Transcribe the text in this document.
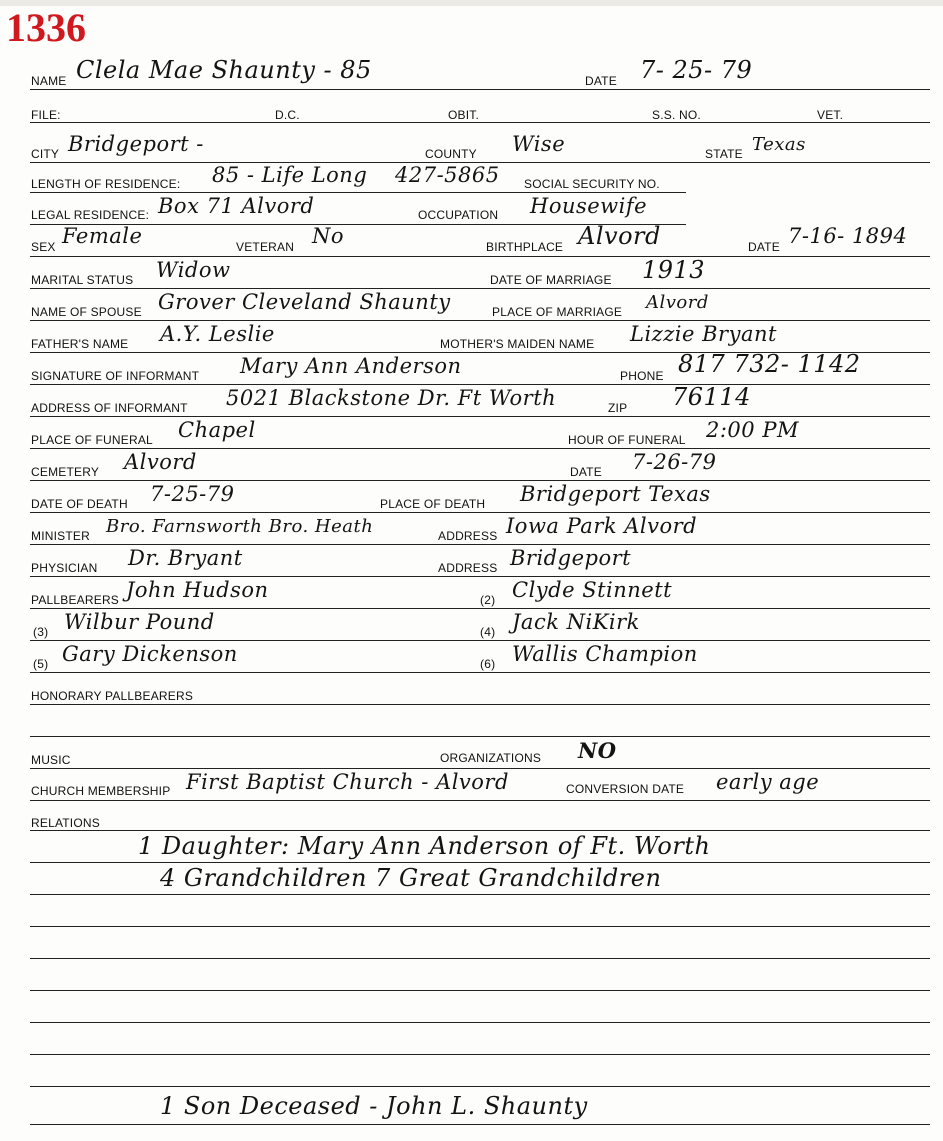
1336
NAME Clela Mae Shaunty - 85	DATE 7- 25- 79
FILE:	D.C.	OBIT.	S.S. NO.	VET.
CITY Bridgeport -	COUNTY Wise	STATE Texas
LENGTH OF RESIDENCE: 85 - Life Long 427-5865 SOCIAL SECURITY NO.
LEGAL RESIDENCE: Box 71 Alvord	OCCUPATION Housewife
SEX Female	VETERAN No	BIRTHPLACE Alvord	DATE 7-16- 1894
MARITAL STATUS Widow	DATE OF MARRIAGE 1913
NAME OF SPOUSE Grover Cleveland Shaunty	PLACE OF MARRIAGE Alvord
FATHER'S NAME A.Y. Leslie	MOTHER'S MAIDEN NAME Lizzie Bryant
SIGNATURE OF INFORMANT Mary Ann Anderson	PHONE 817 732- 1142
ADDRESS OF INFORMANT 5021 Blackstone Dr. Ft Worth	ZIP 76114
PLACE OF FUNERAL Chapel	HOUR OF FUNERAL 2:00 PM
CEMETERY Alvord	DATE 7-26-79
DATE OF DEATH 7-25-79	PLACE OF DEATH Bridgeport Texas
MINISTER Bro. Farnsworth Bro. Heath	ADDRESS Iowa Park Alvord
PHYSICIAN Dr. Bryant	ADDRESS Bridgeport
PALLBEARERS John Hudson	(2) Clyde Stinnett
(3) Wilbur Pound	(4) Jack NiKirk
(5) Gary Dickenson	(6) Wallis Champion
HONORARY PALLBEARERS
MUSIC	ORGANIZATIONS NO
CHURCH MEMBERSHIP First Baptist Church - Alvord	CONVERSION DATE early age
RELATIONS
1 Daughter: Mary Ann Anderson of Ft. Worth
4 Grandchildren 7 Great Grandchildren
1 Son Deceased - John L. Shaunty
